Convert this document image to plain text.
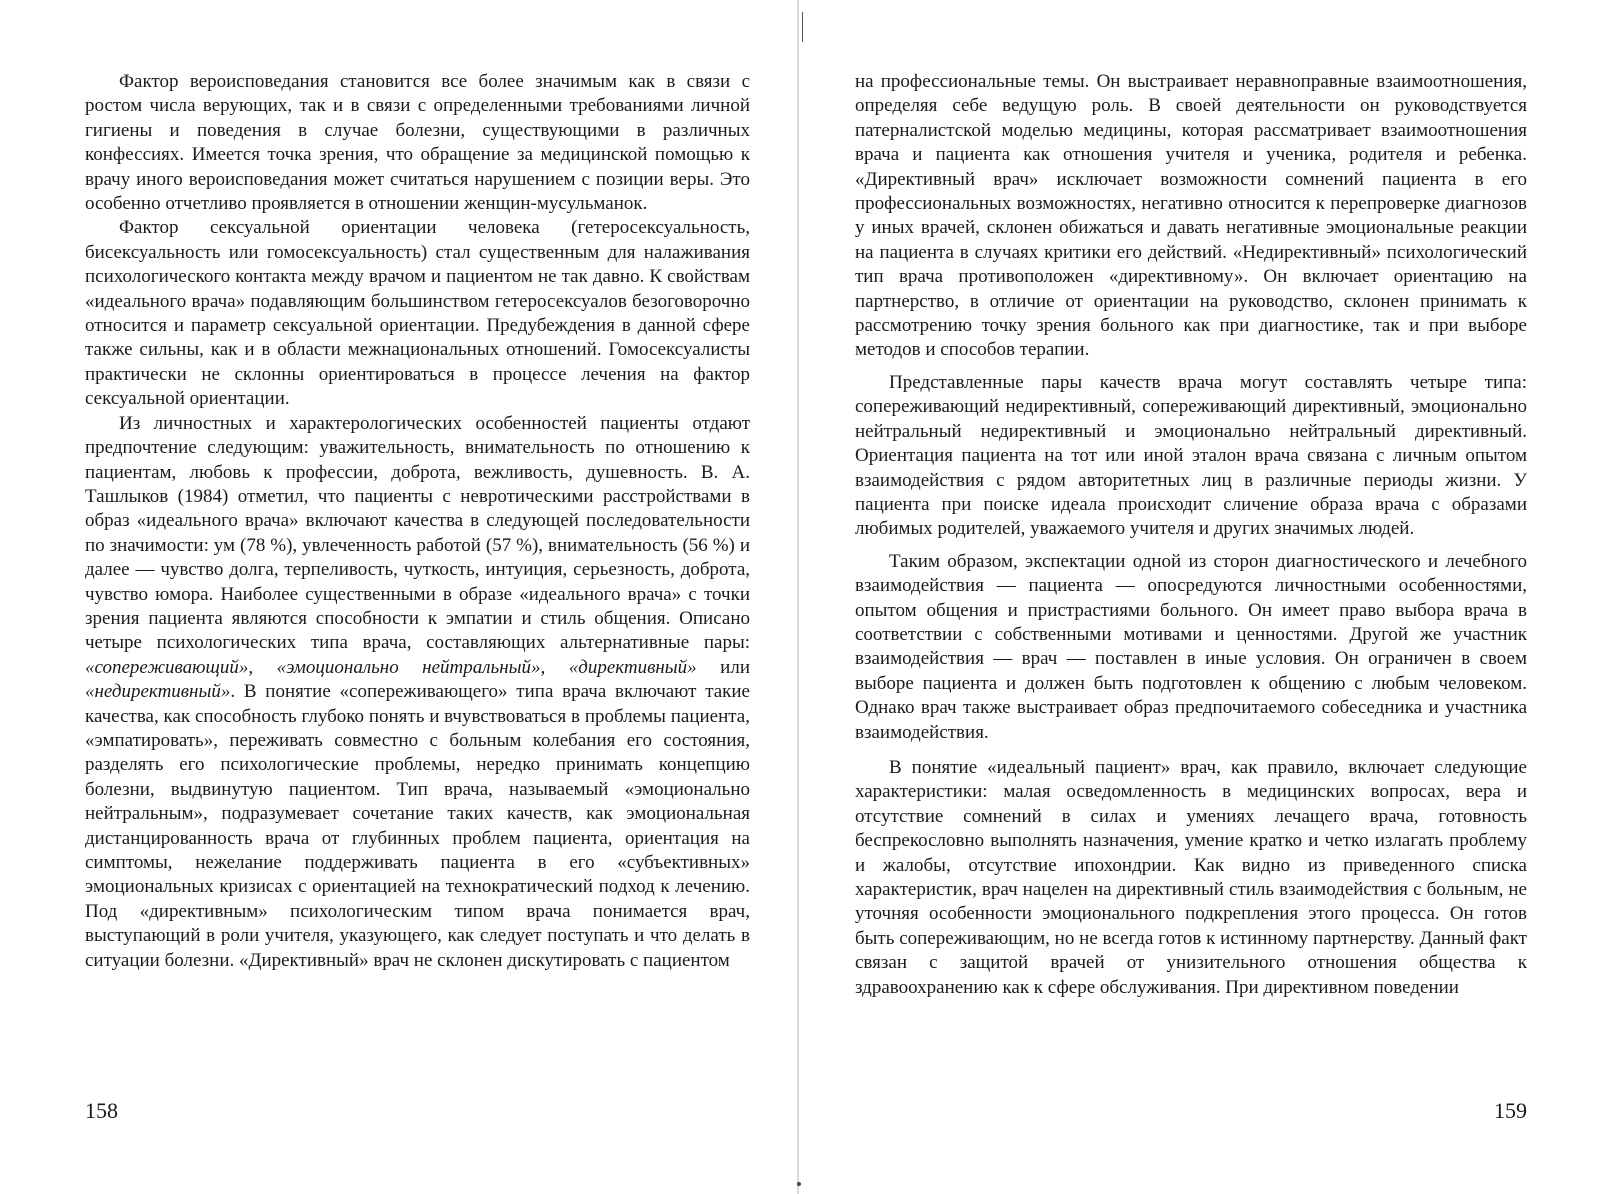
Фактор вероисповедания становится все более значимым как в связи с ростом числа верующих, так и в связи с определенными требованиями личной гигиены и поведения в случае болезни, существующими в различных конфессиях. Имеется точка зрения, что обращение за медицинской помощью к врачу иного вероисповедания может считаться нарушением с позиции веры. Это особенно отчетливо проявляется в отношении женщин-мусульманок.

Фактор сексуальной ориентации человека (гетеросексуальность, бисексуальность или гомосексуальность) стал существенным для налаживания психологического контакта между врачом и пациентом не так давно. К свойствам «идеального врача» подавляющим большинством гетеросексуалов безоговорочно относится и параметр сексуальной ориентации. Предубеждения в данной сфере также сильны, как и в области межнациональных отношений. Гомосексуалисты практически не склонны ориентироваться в процессе лечения на фактор сексуальной ориентации.

Из личностных и характерологических особенностей пациенты отдают предпочтение следующим: уважительность, внимательность по отношению к пациентам, любовь к профессии, доброта, вежливость, душевность. В. А. Ташлыков (1984) отметил, что пациенты с невротическими расстройствами в образ «идеального врача» включают качества в следующей последовательности по значимости: ум (78 %), увлеченность работой (57 %), внимательность (56 %) и далее — чувство долга, терпеливость, чуткость, интуиция, серьезность, доброта, чувство юмора. Наиболее существенными в образе «идеального врача» с точки зрения пациента являются способности к эмпатии и стиль общения. Описано четыре психологических типа врача, составляющих альтернативные пары: «сопереживающий», «эмоционально нейтральный», «директивный» или «недирективный». В понятие «сопереживающего» типа врача включают такие качества, как способность глубоко понять и вчувствоваться в проблемы пациента, «эмпатировать», переживать совместно с больным колебания его состояния, разделять его психологические проблемы, нередко принимать концепцию болезни, выдвинутую пациентом. Тип врача, называемый «эмоционально нейтральным», подразумевает сочетание таких качеств, как эмоциональная дистанцированность врача от глубинных проблем пациента, ориентация на симптомы, нежелание поддерживать пациента в его «субъективных» эмоциональных кризисах с ориентацией на технократический подход к лечению. Под «директивным» психологическим типом врача понимается врач, выступающий в роли учителя, указующего, как следует поступать и что делать в ситуации болезни. «Директивный» врач не склонен дискутировать с пациентом

158

на профессиональные темы. Он выстраивает неравноправные взаимоотношения, определяя себе ведущую роль. В своей деятельности он руководствуется патерналистской моделью медицины, которая рассматривает взаимоотношения врача и пациента как отношения учителя и ученика, родителя и ребенка. «Директивный врач» исключает возможности сомнений пациента в его профессиональных возможностях, негативно относится к перепроверке диагнозов у иных врачей, склонен обижаться и давать негативные эмоциональные реакции на пациента в случаях критики его действий. «Недирективный» психологический тип врача противоположен «директивному». Он включает ориентацию на партнерство, в отличие от ориентации на руководство, склонен принимать к рассмотрению точку зрения больного как при диагностике, так и при выборе методов и способов терапии.

Представленные пары качеств врача могут составлять четыре типа: сопереживающий недирективный, сопереживающий директивный, эмоционально нейтральный недирективный и эмоционально нейтральный директивный. Ориентация пациента на тот или иной эталон врача связана с личным опытом взаимодействия с рядом авторитетных лиц в различные периоды жизни. У пациента при поиске идеала происходит сличение образа врача с образами любимых родителей, уважаемого учителя и других значимых людей.

Таким образом, экспектации одной из сторон диагностического и лечебного взаимодействия — пациента — опосредуются личностными особенностями, опытом общения и пристрастиями больного. Он имеет право выбора врача в соответствии с собственными мотивами и ценностями. Другой же участник взаимодействия — врач — поставлен в иные условия. Он ограничен в своем выборе пациента и должен быть подготовлен к общению с любым человеком. Однако врач также выстраивает образ предпочитаемого собеседника и участника взаимодействия.

В понятие «идеальный пациент» врач, как правило, включает следующие характеристики: малая осведомленность в медицинских вопросах, вера и отсутствие сомнений в силах и умениях лечащего врача, готовность беспрекословно выполнять назначения, умение кратко и четко излагать проблему и жалобы, отсутствие ипохондрии. Как видно из приведенного списка характеристик, врач нацелен на директивный стиль взаимодействия с больным, не уточняя особенности эмоционального подкрепления этого процесса. Он готов быть сопереживающим, но не всегда готов к истинному партнерству. Данный факт связан с защитой врачей от унизительного отношения общества к здравоохранению как к сфере обслуживания. При директивном поведении

159
